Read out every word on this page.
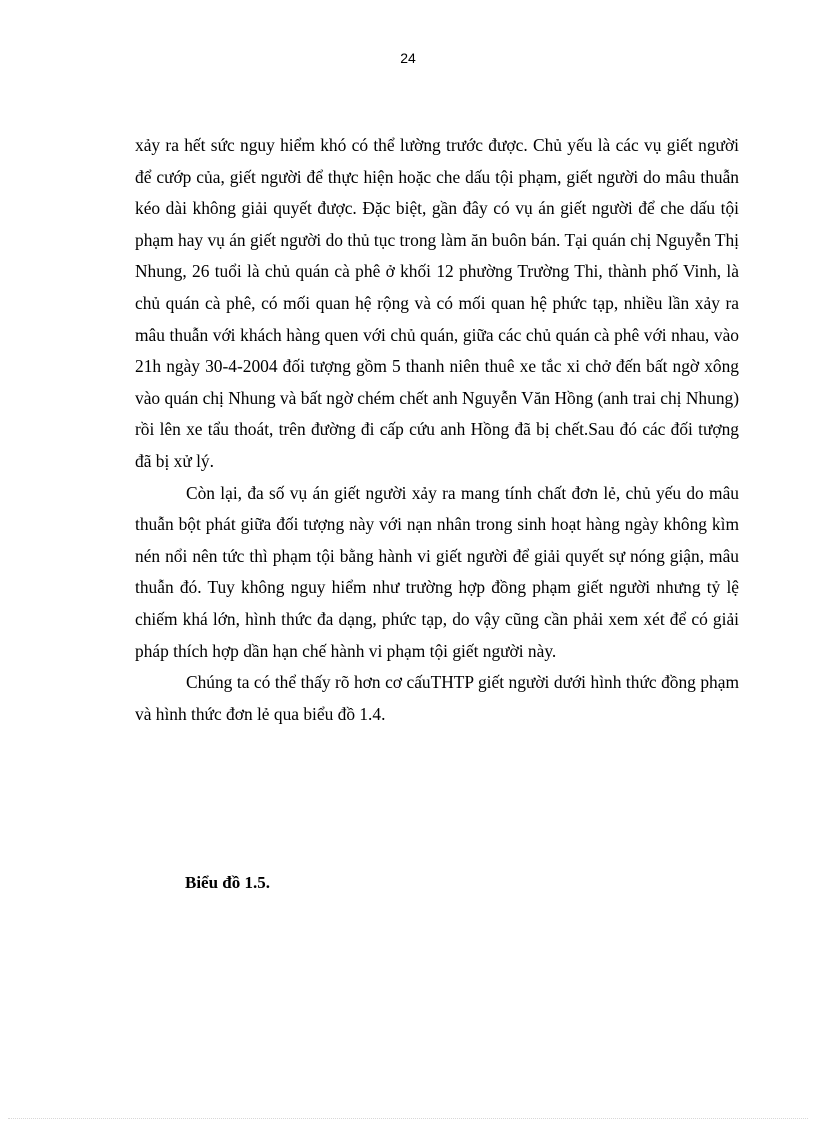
24

xảy ra hết sức nguy hiểm khó có thể lường trước được. Chủ yếu là các vụ giết người để cướp của, giết người để thực hiện hoặc che dấu tội phạm, giết người do mâu thuẫn kéo dài không giải quyết được. Đặc biệt, gần đây có vụ án giết người để che dấu tội phạm hay vụ án giết người do thủ tục trong làm ăn buôn bán. Tại quán chị Nguyễn Thị Nhung, 26 tuổi là chủ quán cà phê ở khối 12 phường Trường Thi, thành phố Vinh, là chủ quán cà phê, có mối quan hệ rộng và có mối quan hệ phức tạp, nhiều lần xảy ra mâu thuẫn với khách hàng quen với chủ quán, giữa các chủ quán cà phê với nhau, vào 21h ngày 30-4-2004 đối tượng gồm 5 thanh niên thuê xe tắc xi chở đến bất ngờ xông vào quán chị Nhung và bất ngờ chém chết anh Nguyễn Văn Hồng (anh trai chị Nhung) rồi lên xe tẩu thoát, trên đường đi cấp cứu anh Hồng đã bị chết.Sau đó các đối tượng đã bị xử lý.

Còn lại, đa số vụ án giết người xảy ra mang tính chất đơn lẻ, chủ yếu do mâu thuẫn bột phát giữa đối tượng này với nạn nhân trong sinh hoạt hàng ngày không kìm nén nổi nên tức thì phạm tội bằng hành vi giết người để giải quyết sự nóng giận, mâu thuẫn đó. Tuy không nguy hiểm như trường hợp đồng phạm giết người nhưng tỷ lệ chiếm khá lớn, hình thức đa dạng, phức tạp, do vậy cũng cần phải xem xét để có giải pháp thích hợp dần hạn chế hành vi phạm tội giết người này.

Chúng ta có thể thấy rõ hơn cơ cấuTHTP giết người dưới hình thức đồng phạm và hình thức đơn lẻ qua biểu đồ 1.4.

Biểu đồ 1.5.
